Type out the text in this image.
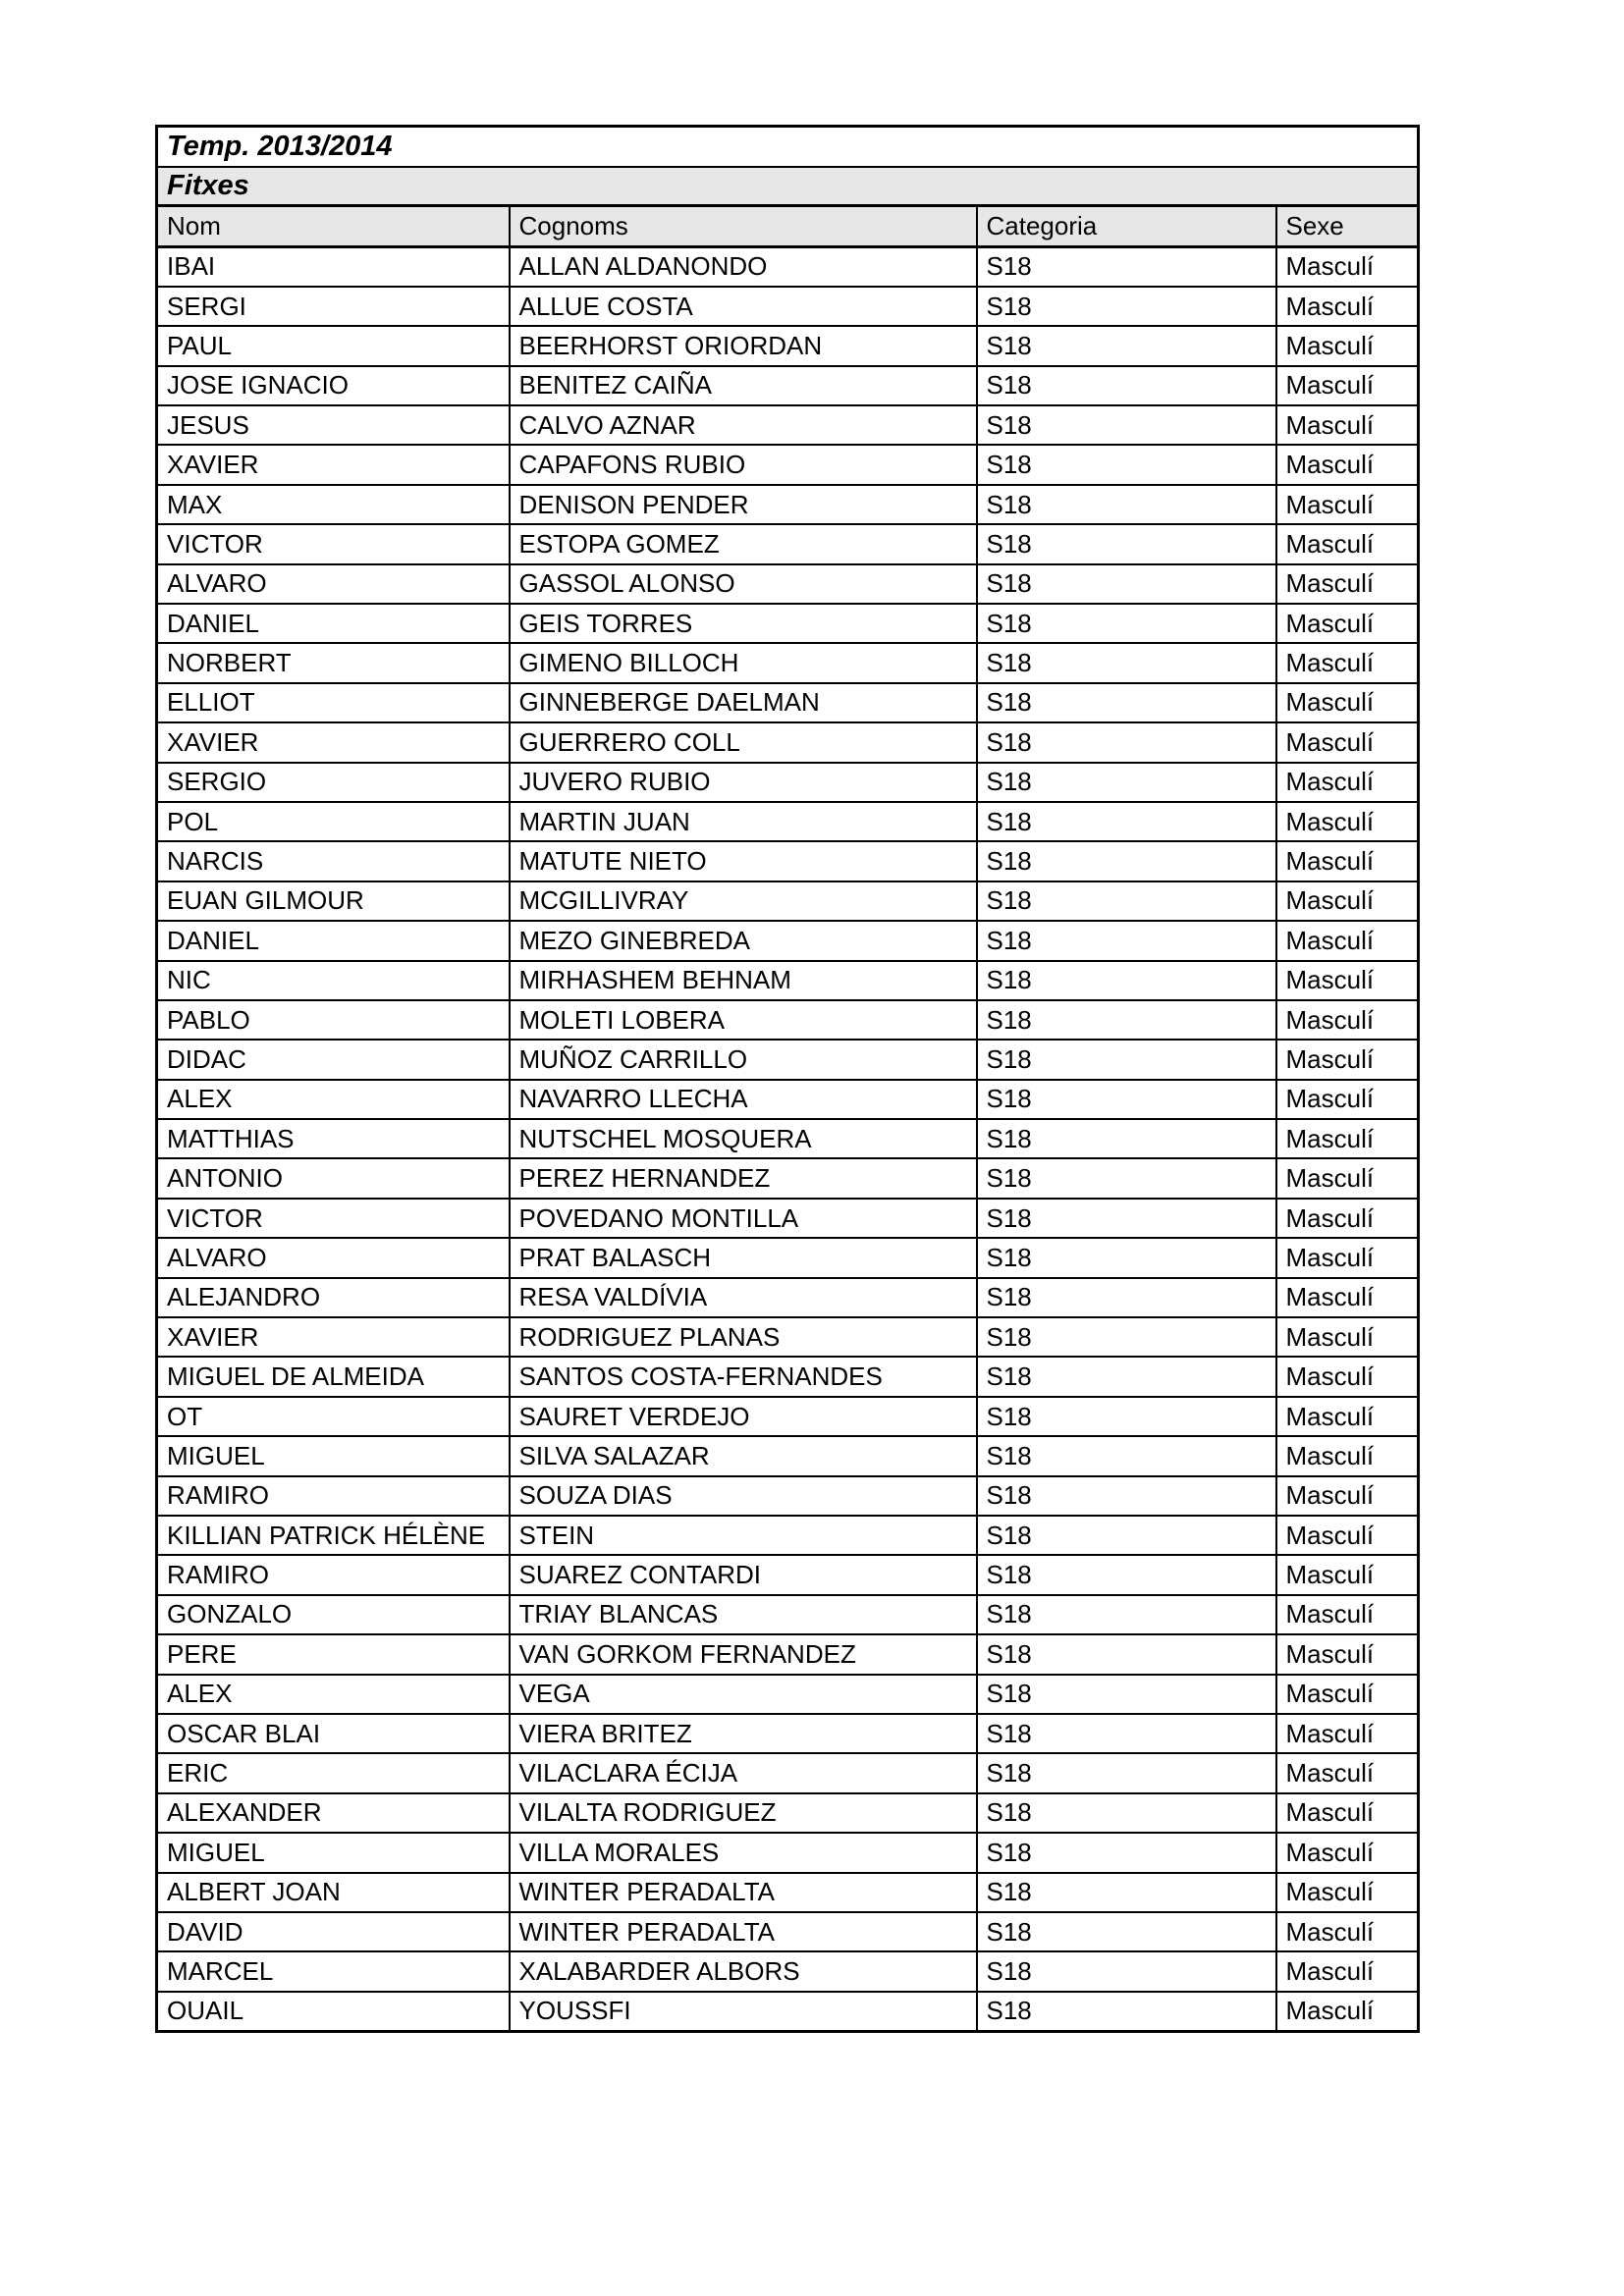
Temp. 2013/2014			
Fitxes			
Nom	Cognoms	Categoria	Sexe
IBAI	ALLAN ALDANONDO	S18	Masculí
SERGI	ALLUE COSTA	S18	Masculí
PAUL	BEERHORST ORIORDAN	S18	Masculí
JOSE IGNACIO	BENITEZ CAIÑA	S18	Masculí
JESUS	CALVO AZNAR	S18	Masculí
XAVIER	CAPAFONS RUBIO	S18	Masculí
MAX	DENISON PENDER	S18	Masculí
VICTOR	ESTOPA GOMEZ	S18	Masculí
ALVARO	GASSOL ALONSO	S18	Masculí
DANIEL	GEIS TORRES	S18	Masculí
NORBERT	GIMENO BILLOCH	S18	Masculí
ELLIOT	GINNEBERGE DAELMAN	S18	Masculí
XAVIER	GUERRERO COLL	S18	Masculí
SERGIO	JUVERO RUBIO	S18	Masculí
POL	MARTIN JUAN	S18	Masculí
NARCIS	MATUTE NIETO	S18	Masculí
EUAN GILMOUR	MCGILLIVRAY	S18	Masculí
DANIEL	MEZO GINEBREDA	S18	Masculí
NIC	MIRHASHEM BEHNAM	S18	Masculí
PABLO	MOLETI LOBERA	S18	Masculí
DIDAC	MUÑOZ CARRILLO	S18	Masculí
ALEX	NAVARRO LLECHA	S18	Masculí
MATTHIAS	NUTSCHEL MOSQUERA	S18	Masculí
ANTONIO	PEREZ HERNANDEZ	S18	Masculí
VICTOR	POVEDANO MONTILLA	S18	Masculí
ALVARO	PRAT BALASCH	S18	Masculí
ALEJANDRO	RESA VALDÍVIA	S18	Masculí
XAVIER	RODRIGUEZ PLANAS	S18	Masculí
MIGUEL DE ALMEIDA	SANTOS COSTA-FERNANDES	S18	Masculí
OT	SAURET VERDEJO	S18	Masculí
MIGUEL	SILVA SALAZAR	S18	Masculí
RAMIRO	SOUZA DIAS	S18	Masculí
KILLIAN PATRICK HÉLÈNE	STEIN	S18	Masculí
RAMIRO	SUAREZ CONTARDI	S18	Masculí
GONZALO	TRIAY BLANCAS	S18	Masculí
PERE	VAN GORKOM FERNANDEZ	S18	Masculí
ALEX	VEGA	S18	Masculí
OSCAR BLAI	VIERA BRITEZ	S18	Masculí
ERIC	VILACLARA ÉCIJA	S18	Masculí
ALEXANDER	VILALTA RODRIGUEZ	S18	Masculí
MIGUEL	VILLA MORALES	S18	Masculí
ALBERT JOAN	WINTER PERADALTA	S18	Masculí
DAVID	WINTER PERADALTA	S18	Masculí
MARCEL	XALABARDER ALBORS	S18	Masculí
OUAIL	YOUSSFI	S18	Masculí
